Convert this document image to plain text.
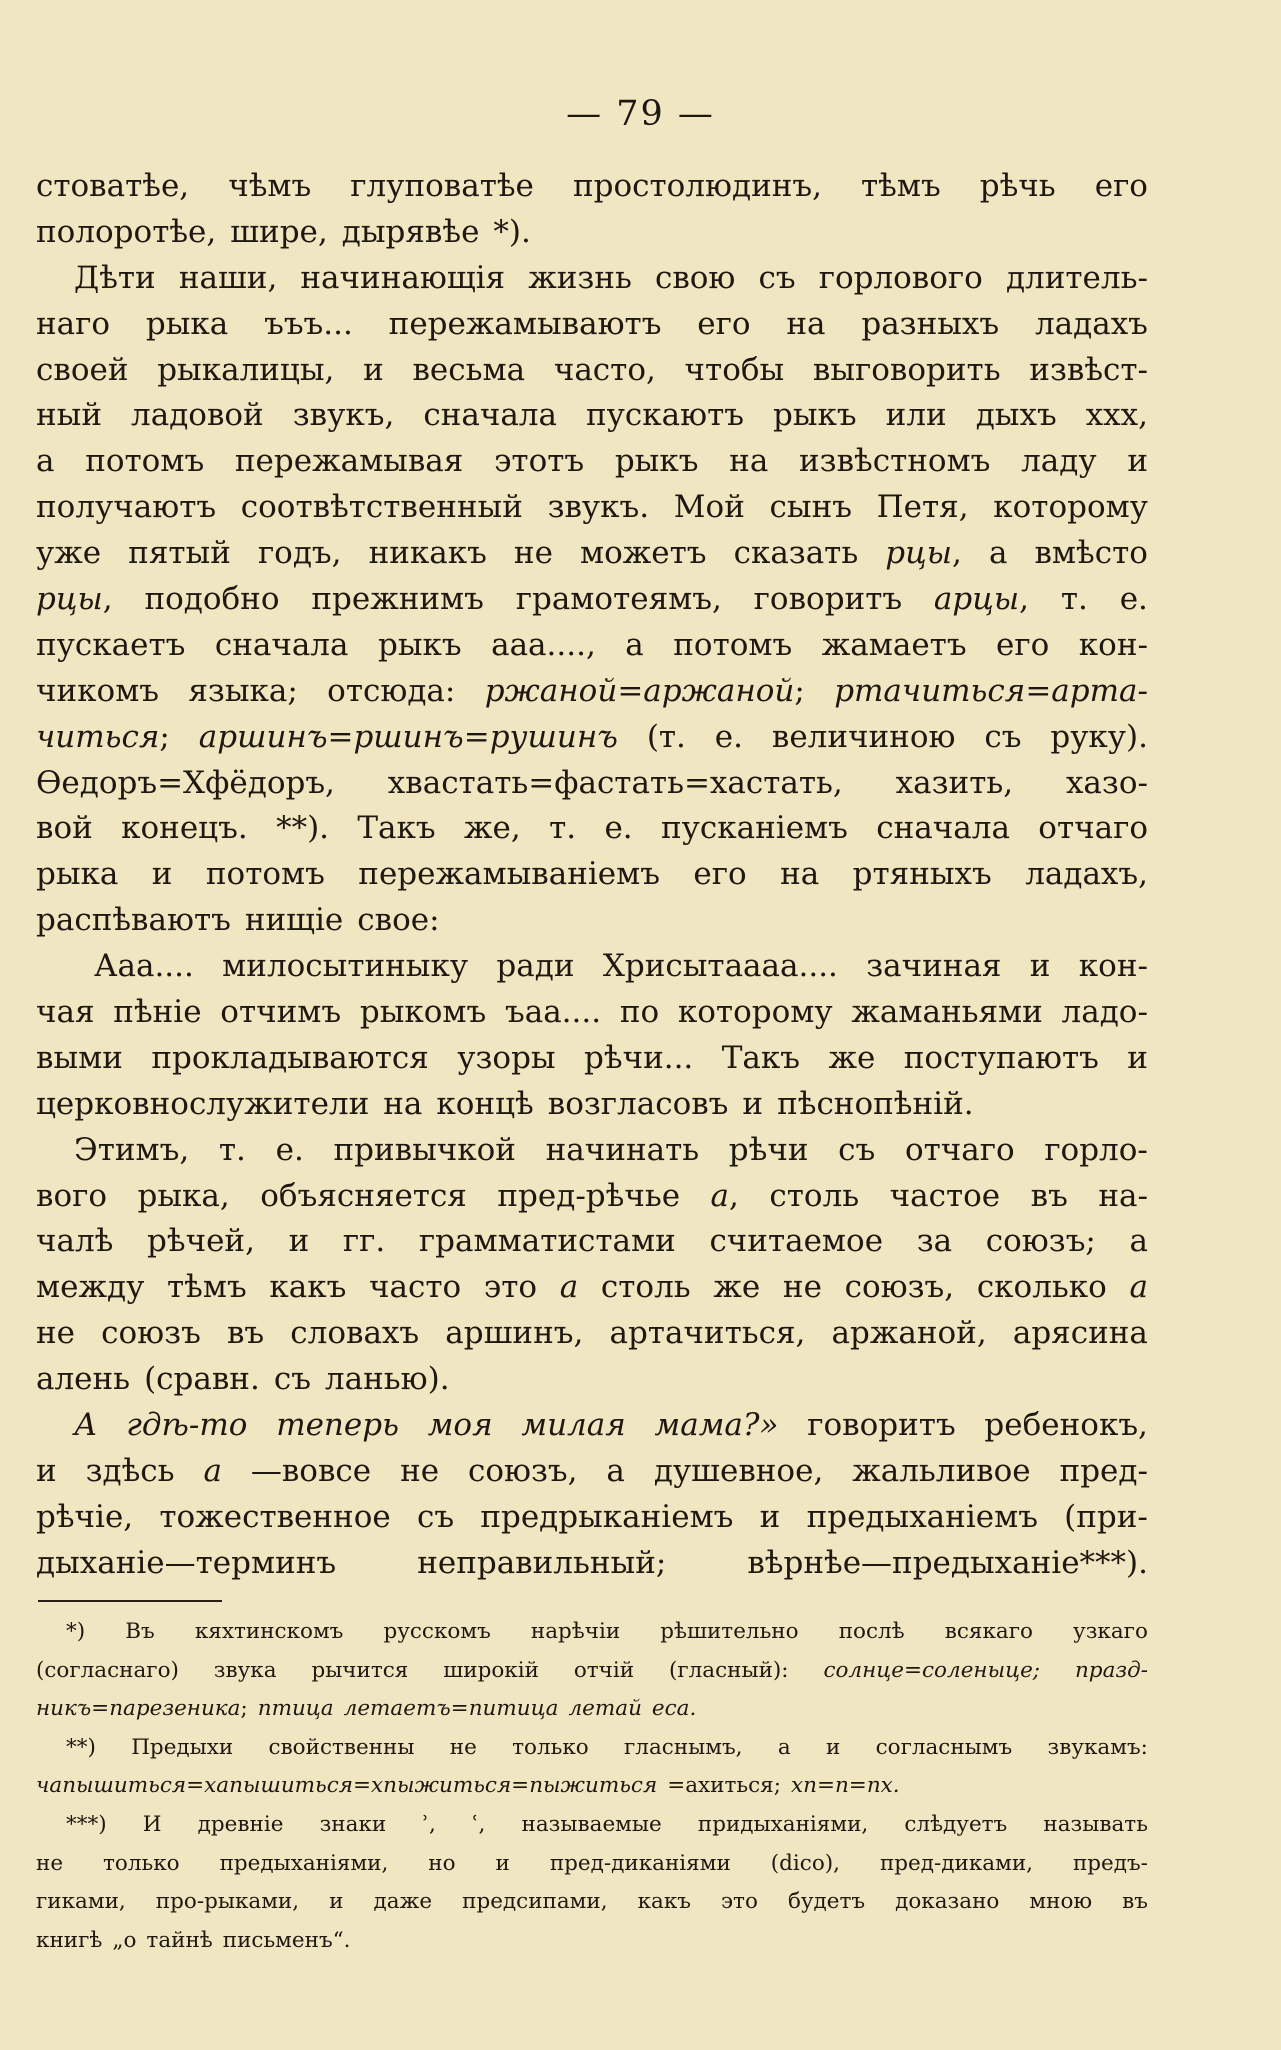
— 79 —
стоватѣе, чѣмъ глуповатѣе простолюдинъ, тѣмъ рѣчь его
полоротѣе, шире, дырявѣе *).
Дѣти наши, начинающія жизнь свою съ горлового длитель-
наго рыка ъъъ... пережамываютъ его на разныхъ ладахъ
своей рыкалицы, и весьма часто, чтобы выговорить извѣст-
ный ладовой звукъ, сначала пускаютъ рыкъ или дыхъ ххх,
а потомъ пережамывая этотъ рыкъ на извѣстномъ ладу и
получаютъ соотвѣтственный звукъ. Мой сынъ Петя, которому
уже пятый годъ, никакъ не можетъ сказать рцы, а вмѣсто
рцы, подобно прежнимъ грамотеямъ, говоритъ арцы, т. е.
пускаетъ сначала рыкъ ааа...., а потомъ жамаетъ его кон-
чикомъ языка; отсюда: ржаной=аржаной; ртачиться=арта-
читься; аршинъ=ршинъ=рушинъ (т. е. величиною съ руку).
Ѳедоръ=Хфёдоръ, хвастать=фастать=хастать, хазить, хазо-
вой конецъ. **). Такъ же, т. е. пусканіемъ сначала отчаго
рыка и потомъ пережамываніемъ его на ртяныхъ ладахъ,
распѣваютъ нищіе свое:
Ааа.... милосытиныку ради Хрисытаааа.... зачиная и кон-
чая пѣніе отчимъ рыкомъ ъаа.... по которому жаманьями ладо-
выми прокладываются узоры рѣчи... Такъ же поступаютъ и
церковнослужители на концѣ возгласовъ и пѣснопѣній.
Этимъ, т. е. привычкой начинать рѣчи съ отчаго горло-
вого рыка, объясняется пред-рѣчье а, столь частое въ на-
чалѣ рѣчей, и гг. грамматистами считаемое за союзъ; а
между тѣмъ какъ часто это а столь же не союзъ, сколько а
не союзъ въ словахъ аршинъ, артачиться, аржаной, арясина
алень (сравн. съ ланью).
А гдѣ-то теперь моя милая мама?» говоритъ ребенокъ,
и здѣсь а —вовсе не союзъ, а душевное, жальливое пред-
рѣчіе, тожественное съ предрыканіемъ и предыханіемъ (при-
дыханіе—терминъ	неправильный;	вѣрнѣе—предыханіе***).
*) Въ кяхтинскомъ русскомъ нарѣчіи рѣшительно послѣ всякаго узкаго
(согласнаго) звука рычится широкій отчій (гласный): солнце=соленыце; празд-
никъ=парезеника; птица летаетъ=питица летай еса.
**) Предыхи свойственны не только гласнымъ, а и согласнымъ звукамъ:
чапышиться=хапышиться=хпыжиться=пыжиться =ахиться; хп=п=пх.
***) И древніе знаки ʾ, ʿ, называемые придыханіями, слѣдуетъ называть
не только предыханіями, но и пред-диканіями (dico), пред-диками, предъ-
гиками, про-рыками, и даже предсипами, какъ это будетъ доказано мною въ
книгѣ „о тайнѣ письменъ“.
